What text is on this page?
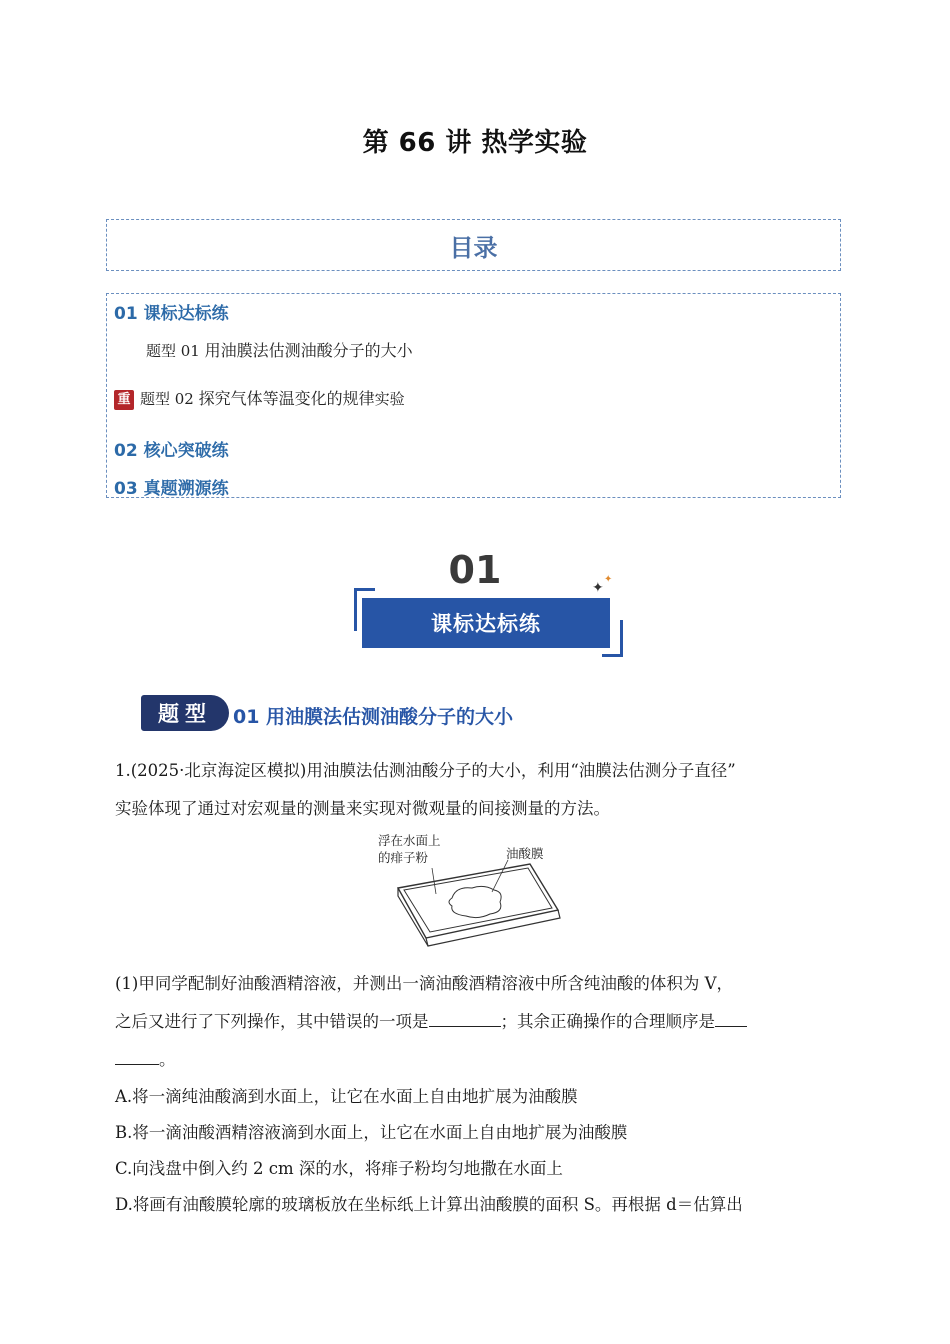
第 66 讲 热学实验
目录
01 课标达标练
题型 01 用油膜法估测油酸分子的大小
重 题型 02 探究气体等温变化的规律实验
02 核心突破练
03 真题溯源练
01
课标达标练
✦
✦
题型	01 用油膜法估测油酸分子的大小
1.(2025·北京海淀区模拟)用油膜法估测油酸分子的大小，利用“油膜法估测分子直径”
实验体现了通过对宏观量的测量来实现对微观量的间接测量的方法。
浮在水面上
的痱子粉	油酸膜
(1)甲同学配制好油酸酒精溶液，并测出一滴油酸酒精溶液中所含纯油酸的体积为 V，
之后又进行了下列操作，其中错误的一项是	；其余正确操作的合理顺序是
。
A.将一滴纯油酸滴到水面上，让它在水面上自由地扩展为油酸膜
B.将一滴油酸酒精溶液滴到水面上，让它在水面上自由地扩展为油酸膜
C.向浅盘中倒入约 2 cm 深的水，将痱子粉均匀地撒在水面上
D.将画有油酸膜轮廓的玻璃板放在坐标纸上计算出油酸膜的面积 S。再根据 d＝估算出
